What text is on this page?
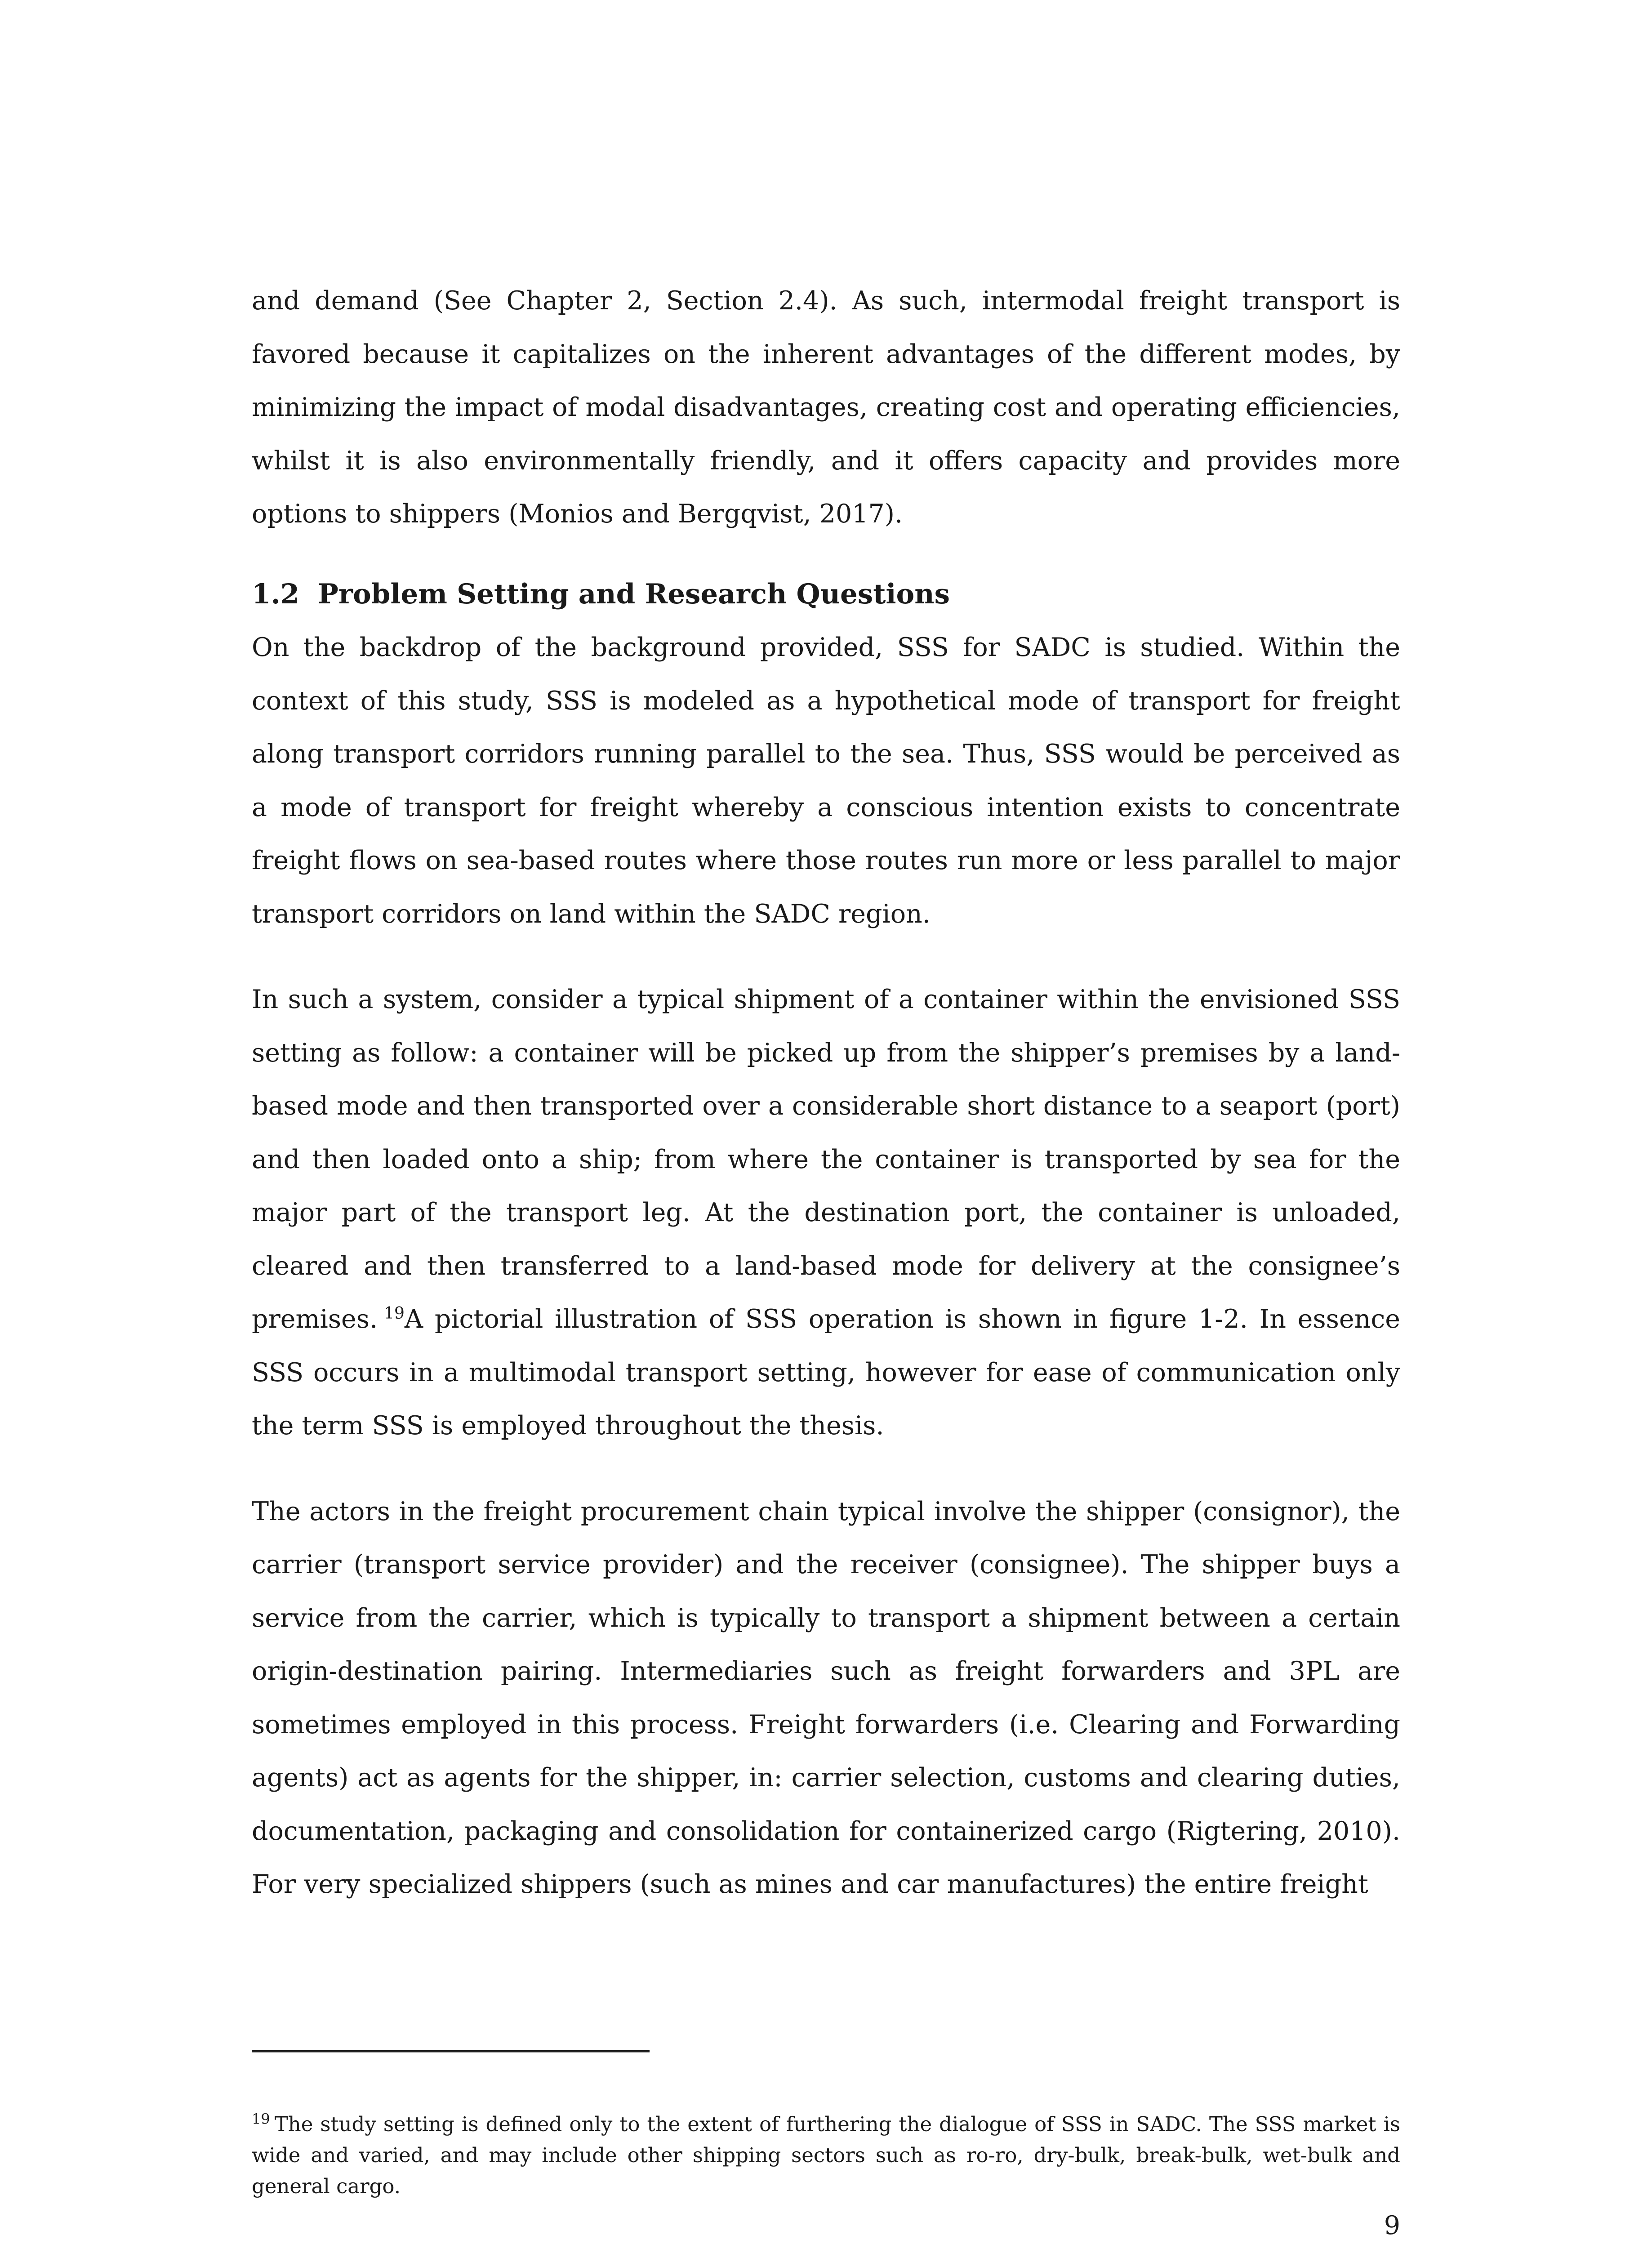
and demand (See Chapter 2, Section 2.4). As such, intermodal freight transport is favored because it capitalizes on the inherent advantages of the different modes, by minimizing the impact of modal disadvantages, creating cost and operating efficiencies, whilst it is also environmentally friendly, and it offers capacity and provides more options to shippers (Monios and Bergqvist, 2017).

1.2 Problem Setting and Research Questions

On the backdrop of the background provided, SSS for SADC is studied. Within the context of this study, SSS is modeled as a hypothetical mode of transport for freight along transport corridors running parallel to the sea. Thus, SSS would be perceived as a mode of transport for freight whereby a conscious intention exists to concentrate freight flows on sea-based routes where those routes run more or less parallel to major transport corridors on land within the SADC region.

In such a system, consider a typical shipment of a container within the envisioned SSS setting as follow: a container will be picked up from the shipper’s premises by a land-based mode and then transported over a considerable short distance to a seaport (port) and then loaded onto a ship; from where the container is transported by sea for the major part of the transport leg. At the destination port, the container is unloaded, cleared and then transferred to a land-based mode for delivery at the consignee’s premises. $^{19}$A pictorial illustration of SSS operation is shown in figure 1-2. In essence SSS occurs in a multimodal transport setting, however for ease of communication only the term SSS is employed throughout the thesis.

The actors in the freight procurement chain typical involve the shipper (consignor), the carrier (transport service provider) and the receiver (consignee). The shipper buys a service from the carrier, which is typically to transport a shipment between a certain origin-destination pairing. Intermediaries such as freight forwarders and 3PL are sometimes employed in this process. Freight forwarders (i.e. Clearing and Forwarding agents) act as agents for the shipper, in: carrier selection, customs and clearing duties, documentation, packaging and consolidation for containerized cargo (Rigtering, 2010). For very specialized shippers (such as mines and car manufactures) the entire freight

$^{19}$ The study setting is defined only to the extent of furthering the dialogue of SSS in SADC. The SSS market is wide and varied, and may include other shipping sectors such as ro-ro, dry-bulk, break-bulk, wet-bulk and general cargo.

9
